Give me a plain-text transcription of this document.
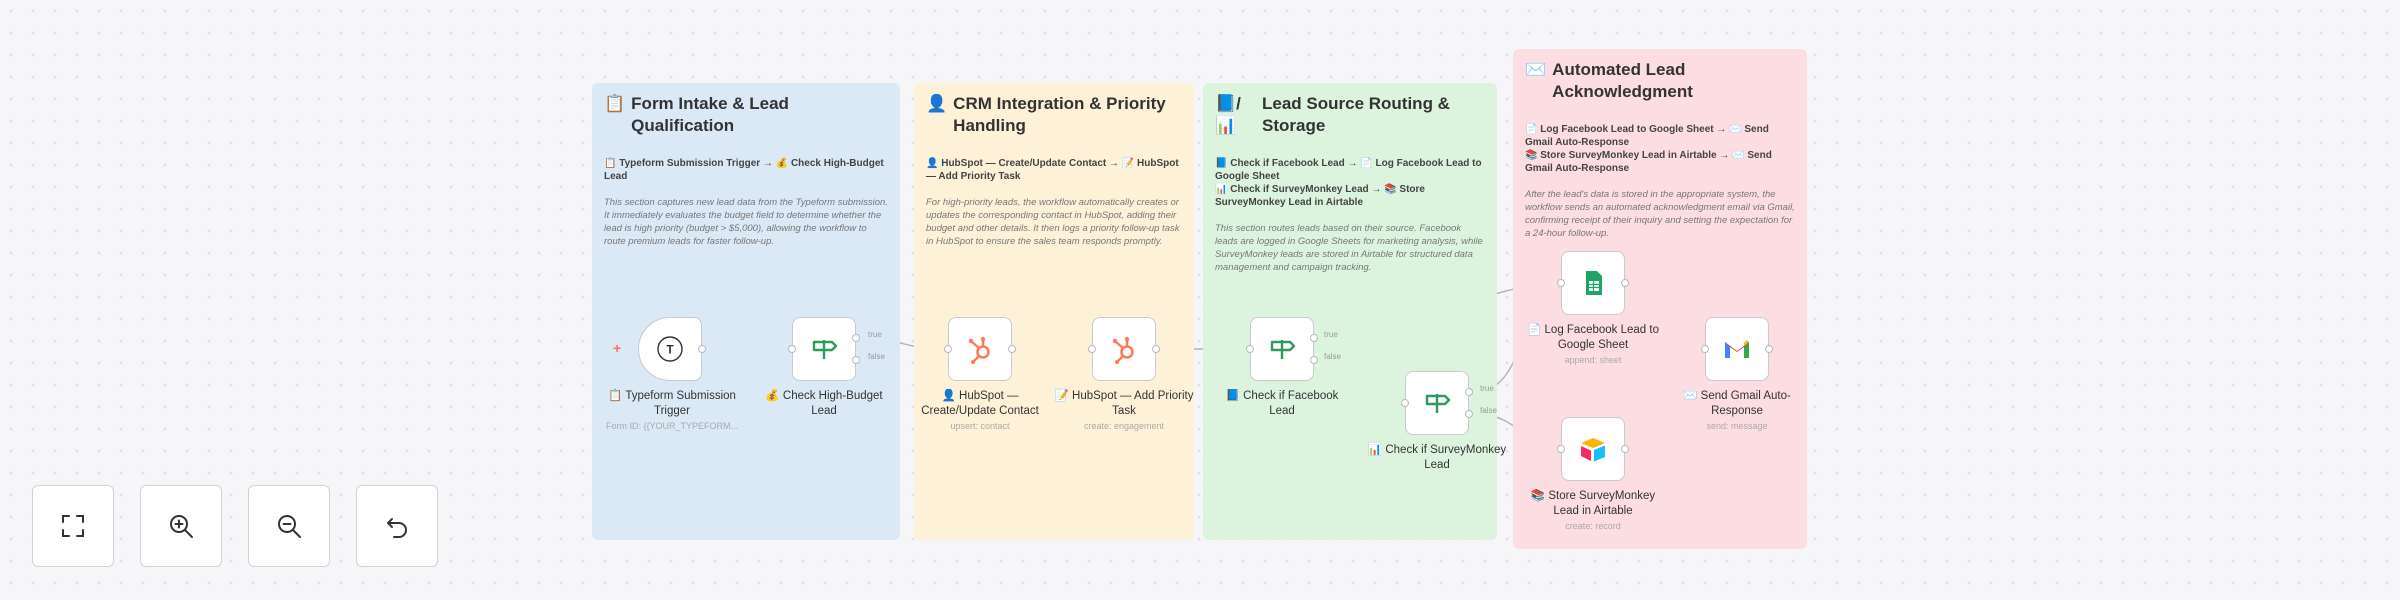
📋 Form Intake & Lead Qualification
📋 Typeform Submission Trigger → 💰 Check High-Budget Lead
This section captures new lead data from the Typeform submission. It immediately evaluates the budget field to determine whether the lead is high priority (budget > $5,000), allowing the workflow to route premium leads for faster follow-up.
👤 CRM Integration & Priority Handling
👤 HubSpot — Create/Update Contact → 📝 HubSpot — Add Priority Task
For high-priority leads, the workflow automatically creates or updates the corresponding contact in HubSpot, adding their budget and other details. It then logs a priority follow-up task in HubSpot to ensure the sales team responds promptly.
📘/📊
Lead Source Routing & Storage
📘 Check if Facebook Lead → 📄 Log Facebook Lead to Google Sheet
📊 Check if SurveyMonkey Lead → 📚 Store SurveyMonkey Lead in Airtable
This section routes leads based on their source. Facebook leads are logged in Google Sheets for marketing analysis, while SurveyMonkey leads are stored in Airtable for structured data management and campaign tracking.
✉️ Automated Lead Acknowledgment
📄 Log Facebook Lead to Google Sheet → ✉️ Send Gmail Auto-Response
📚 Store SurveyMonkey Lead in Airtable → ✉️ Send Gmail Auto-Response
After the lead's data is stored in the appropriate system, the workflow sends an automated acknowledgment email via Gmail, confirming receipt of their inquiry and setting the expectation for a 24-hour follow-up.
+	T
📋 Typeform Submission Trigger
Form ID: {{YOUR_TYPEFORM...
💰 Check High-Budget Lead
👤 HubSpot — Create/Update Contact
upsert: contact
📝 HubSpot — Add Priority Task
create: engagement
📘 Check if Facebook Lead
📊 Check if SurveyMonkey Lead
📄 Log Facebook Lead to Google Sheet
append: sheet
📚 Store SurveyMonkey Lead in Airtable
create: record
✉️ Send Gmail Auto-Response
send: message
true
false
true
false
true
false
